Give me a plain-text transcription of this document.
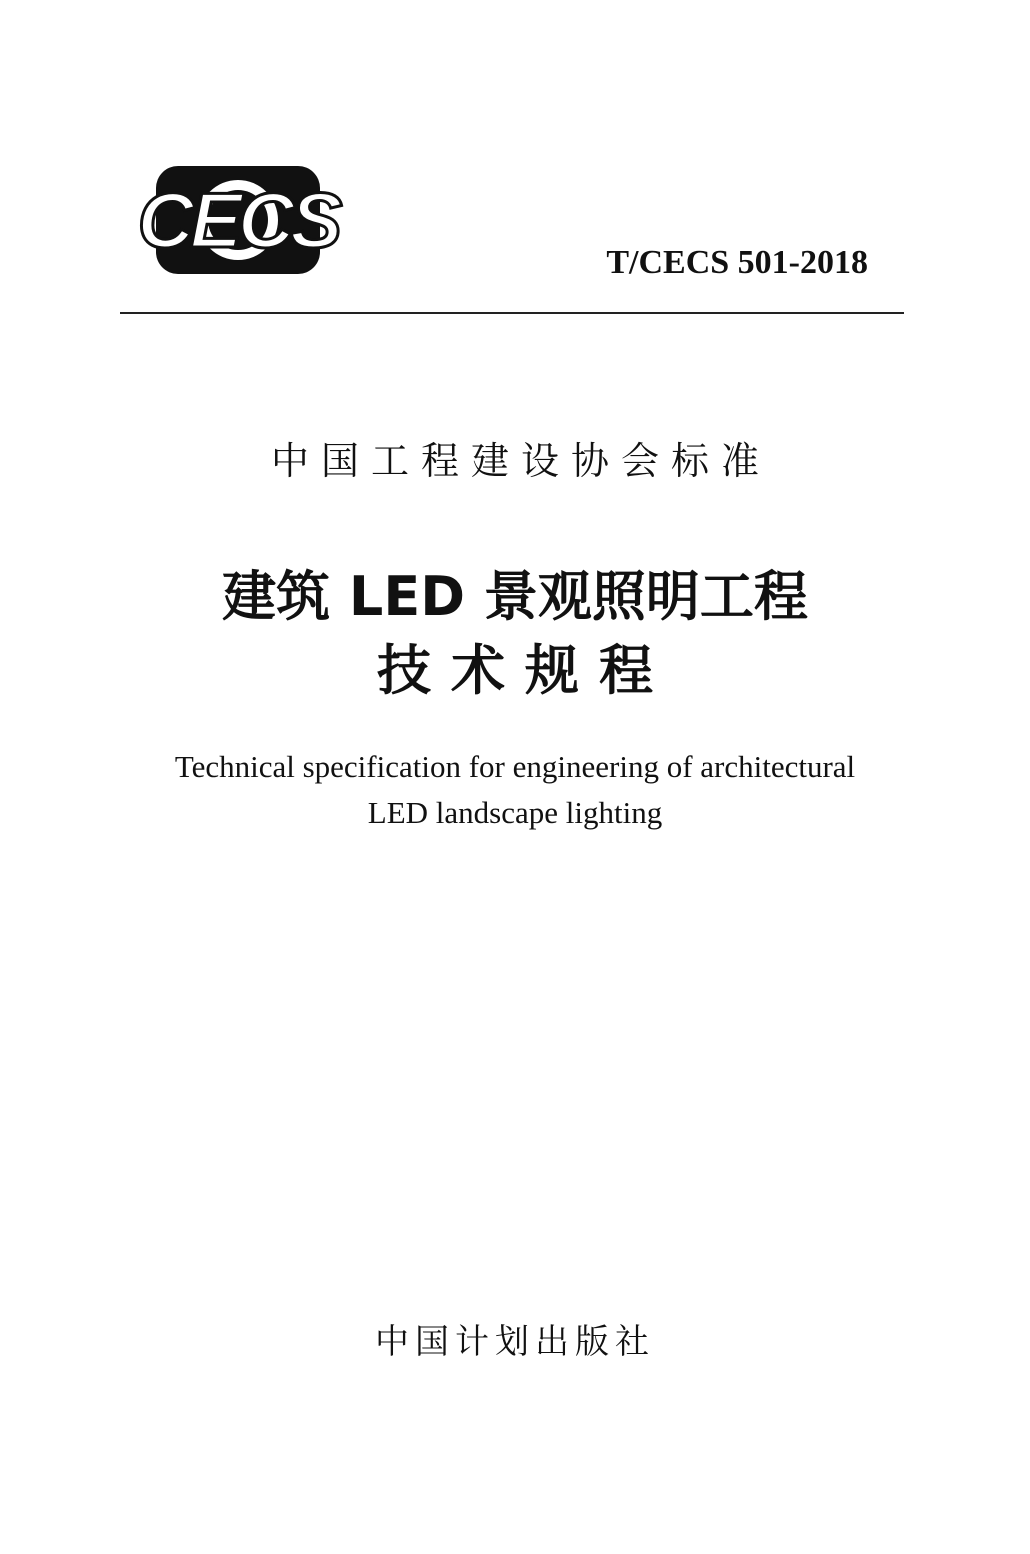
CECS	T/CECS 501-2018
中国工程建设协会标准
建筑 LED 景观照明工程
技术规程
Technical specification for engineering of architectural
LED landscape lighting
中国计划出版社
